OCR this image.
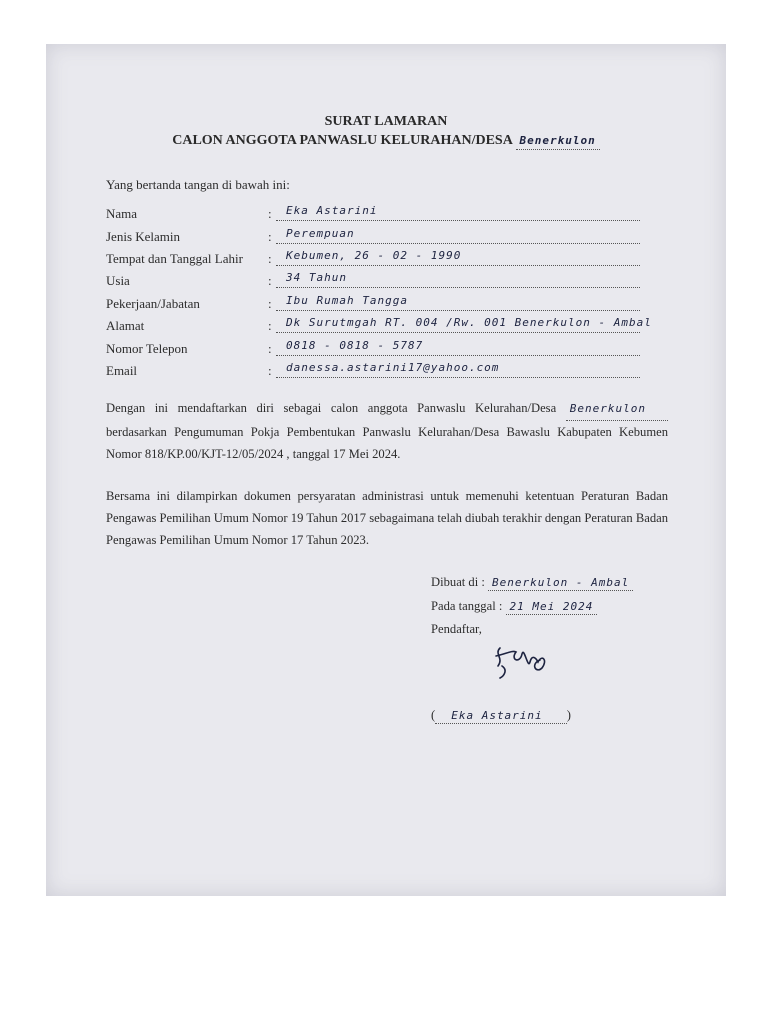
SURAT LAMARAN
CALON ANGGOTA PANWASLU KELURAHAN/DESA Benerkulon
Yang bertanda tangan di bawah ini:
Nama	: Eka Astarini
Jenis Kelamin	: Perempuan
Tempat dan Tanggal Lahir : Kebumen, 26 - 02 - 1990
Usia	: 34 Tahun
Pekerjaan/Jabatan	: Ibu Rumah Tangga
Alamat	: Dk Surutmgah RT. 004 /Rw. 001 Benerkulon - Ambal
Nomor Telepon	: 0818 - 0818 - 5787
Email	: danessa.astarini17@yahoo.com
Dengan ini mendaftarkan diri sebagai calon anggota Panwaslu Kelurahan/Desa Benerkulon berdasarkan Pengumuman Pokja Pembentukan Panwaslu Kelurahan/Desa Bawaslu Kabupaten Kebumen Nomor 818/KP.00/KJT-12/05/2024 , tanggal 17 Mei 2024.
Bersama ini dilampirkan dokumen persyaratan administrasi untuk memenuhi ketentuan Peraturan Badan Pengawas Pemilihan Umum Nomor 19 Tahun 2017 sebagaimana telah diubah terakhir dengan Peraturan Badan Pengawas Pemilihan Umum Nomor 17 Tahun 2023.
Dibuat di : Benerkulon - Ambal
Pada tanggal : 21 Mei 2024
Pendaftar,
( Eka Astarini )
